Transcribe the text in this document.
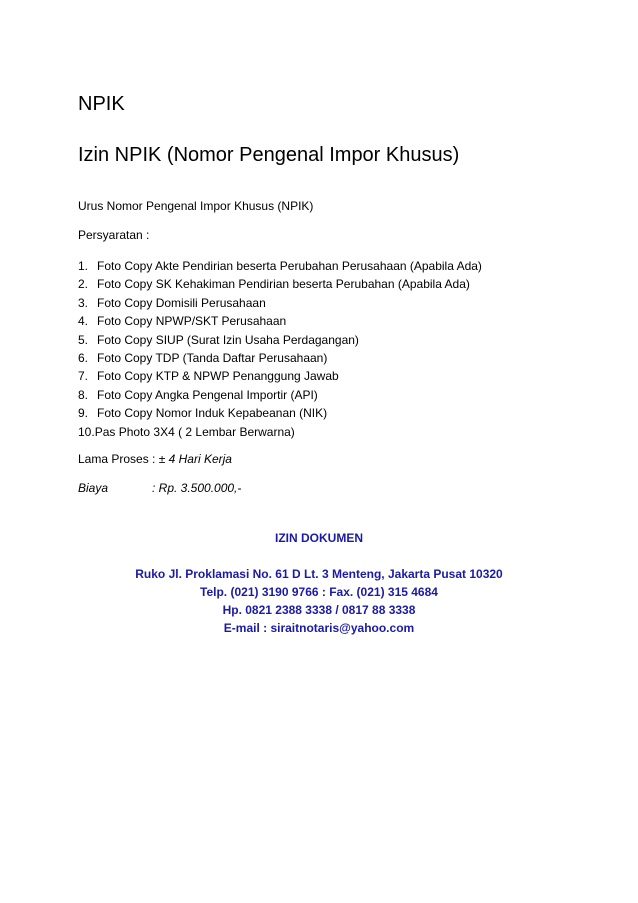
NPIK
Izin NPIK (Nomor Pengenal Impor Khusus)
Urus Nomor Pengenal Impor Khusus (NPIK)
Persyaratan :
1. Foto Copy Akte Pendirian beserta Perubahan Perusahaan (Apabila Ada)
2. Foto Copy SK Kehakiman Pendirian beserta Perubahan (Apabila Ada)
3. Foto Copy Domisili Perusahaan
4. Foto Copy NPWP/SKT Perusahaan
5. Foto Copy SIUP (Surat Izin Usaha Perdagangan)
6. Foto Copy TDP (Tanda Daftar Perusahaan)
7. Foto Copy KTP & NPWP Penanggung Jawab
8. Foto Copy Angka Pengenal Importir (API)
9. Foto Copy Nomor Induk Kepabeanan (NIK)
10.Pas Photo 3X4 ( 2 Lembar Berwarna)
Lama Proses : ± 4 Hari Kerja
Biaya	: Rp. 3.500.000,-
IZIN DOKUMEN
Ruko Jl. Proklamasi No. 61 D Lt. 3 Menteng, Jakarta Pusat 10320
Telp. (021) 3190 9766 : Fax. (021) 315 4684
Hp. 0821 2388 3338 / 0817 88 3338
E-mail : siraitnotaris@yahoo.com
